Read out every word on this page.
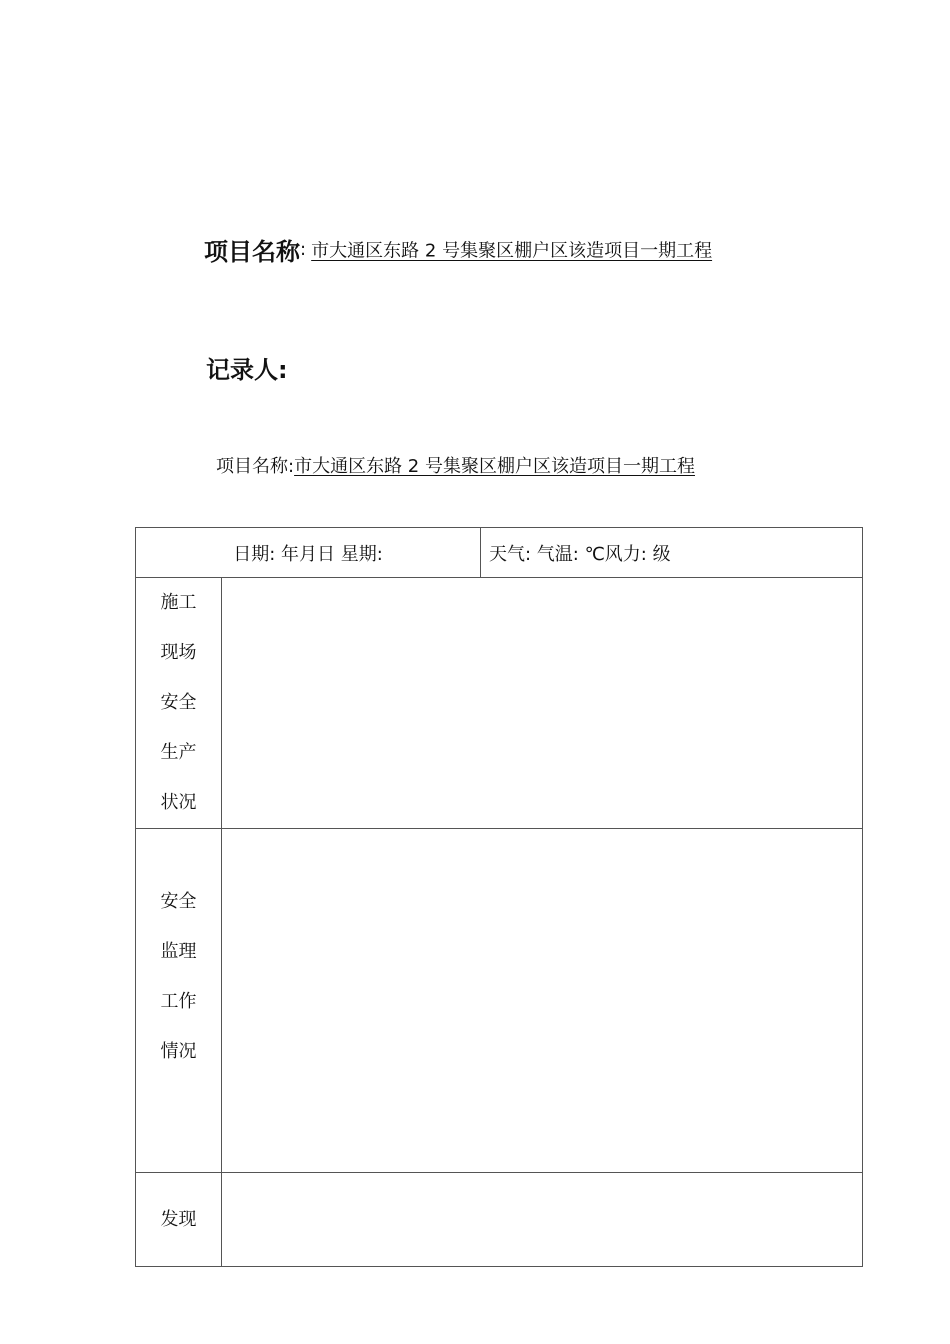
项目名称: 市大通区东路 2 号集聚区棚户区该造项目一期工程
记录人:
项目名称:市大通区东路 2 号集聚区棚户区该造项目一期工程
日期: 年月日 星期:		天气: 气温: ℃风力: 级

施工
现场
安全
生产
状况		

安全
监理
工作
情况		

发现		
